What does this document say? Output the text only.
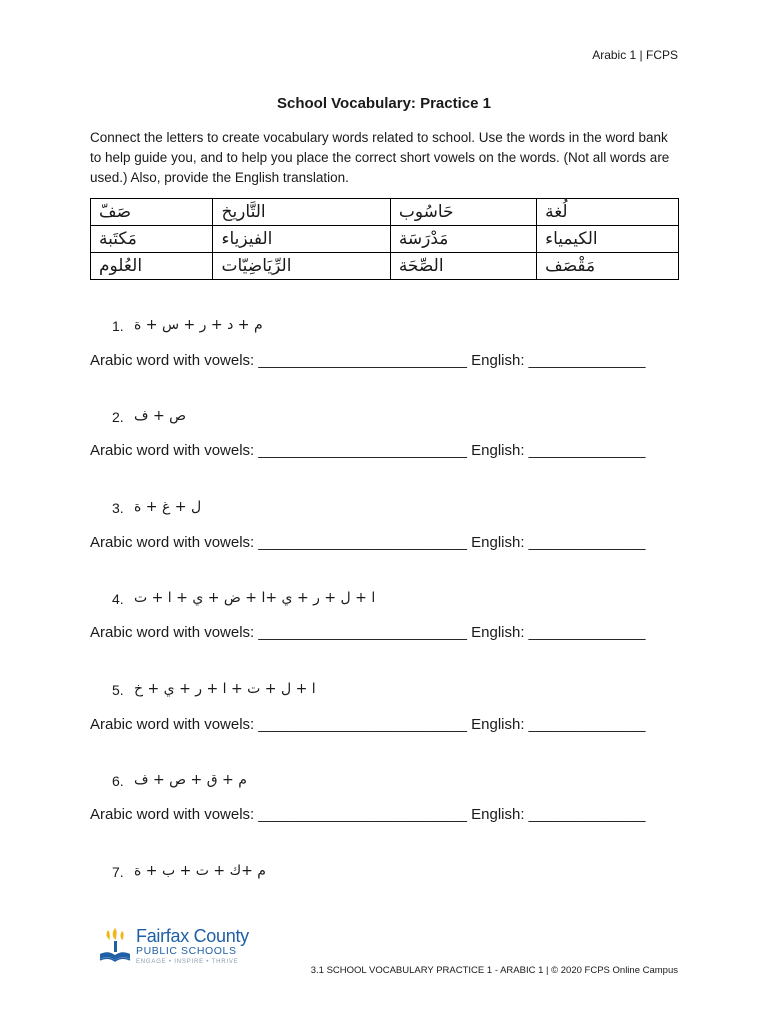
Arabic 1 | FCPS
School Vocabulary: Practice 1
Connect the letters to create vocabulary words related to school. Use the words in the word bank to help guide you, and to help you place the correct short vowels on the words. (Not all words are used.) Also, provide the English translation.
صَفّ	التَّاريخ	حَاسُوب	لُغة
مَكتَبة	الفيزياء	مَدْرَسَة	الكيمياء
العُلوم	الرِّيَاضِيّات	الصِّحَة	مَقْصَف
1. م + د + ر + س + ة
Arabic word with vowels: _________________________ English: ______________
2. ص + ف
Arabic word with vowels: _________________________ English: ______________
3. ل + غ + ة
Arabic word with vowels: _________________________ English: ______________
4. ا + ل + ر + ي +ا + ض + ي + ا + ت
Arabic word with vowels: _________________________ English: ______________
5. ا + ل + ت + ا + ر + ي + خ
Arabic word with vowels: _________________________ English: ______________
6. م + ق + ص + ف
Arabic word with vowels: _________________________ English: ______________
7. م +ك + ت + ب + ة
Fairfax County
PUBLIC SCHOOLS
ENGAGE • INSPIRE • THRIVE
3.1 SCHOOL VOCABULARY PRACTICE 1 - ARABIC 1 | © 2020 FCPS Online Campus
